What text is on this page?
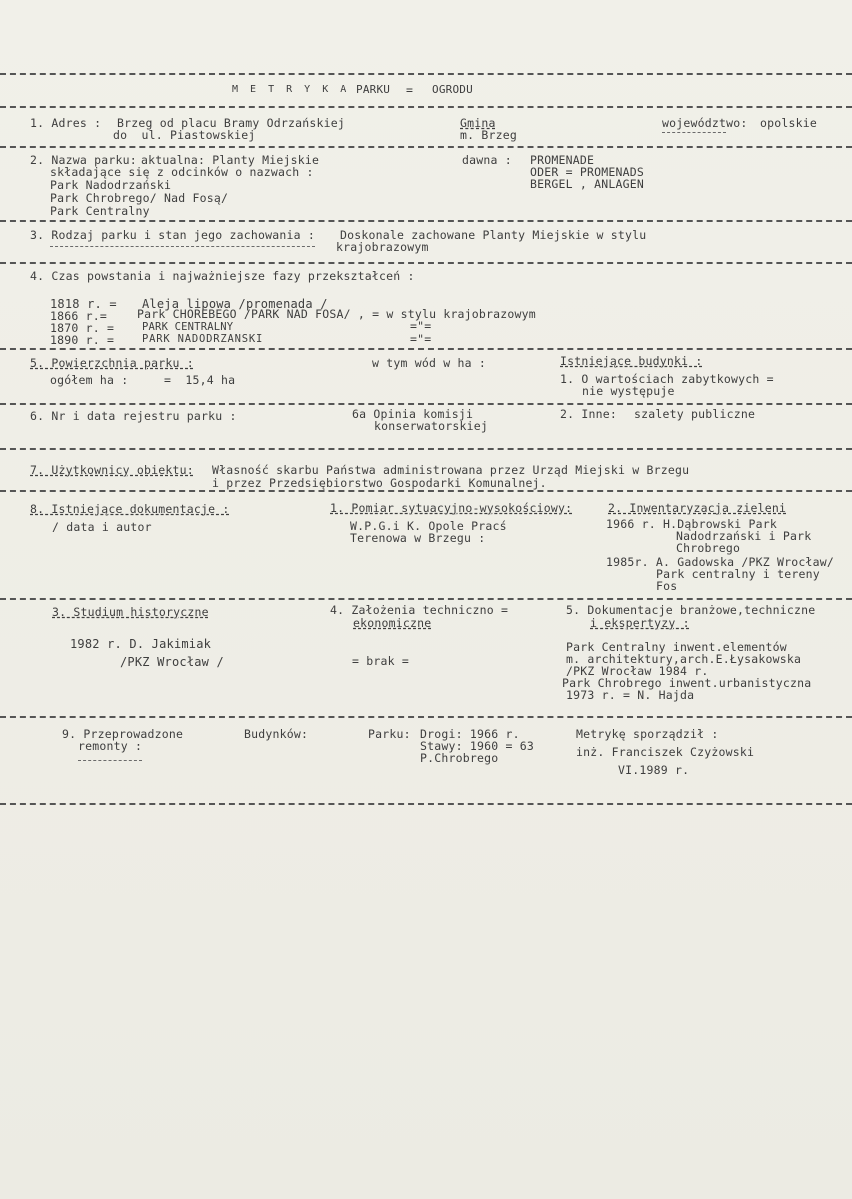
M E T R Y K A PARKU = OGRODU
1. Adres : Brzeg od placu Bramy Odrzańskiej
do  ul. Piastowskiej
Gmina
m. Brzeg
województwo: opolskie
2. Nazwa parku: aktualna: Planty Miejskie
składające się z odcinków o nazwach :
Park Nadodrzański
Park Chrobrego/ Nad Fosą/
Park Centralny
dawna : PROMENADE
ODER = PROMENADS
BERGEL , ANLAGEN
3. Rodzaj parku i stan jego zachowania : Doskonale zachowane Planty Miejskie w stylu
krajobrazowym
4. Czas powstania i najważniejsze fazy przekształceń :
1818 r. = Aleja lipowa /promenada /
1866 r.=	Park CHOREBEGO /PARK NAD FOSA/ , = w stylu krajobrazowym
1870 r. =	PARK CENTRALNY	="=
1890 r. =	PARK NADODRZANSKI	="=
5. Powierzchnia parku :
ogółem ha :	=  15,4 ha
w tym wód w ha :	Istniejące budynki :
1. O wartościach zabytkowych =
nie występuje
6. Nr i data rejestru parku :	6a Opinia komisji
konserwatorskiej
2. Inne: szalety publiczne
7. Użytkownicy obiektu: Własność skarbu Państwa administrowana przez Urząd Miejski w Brzegu
i przez Przedsiębiorstwo Gospodarki Komunalnej.
8. Istniejące dokumentacje :
/ data i autor
1. Pomiar sytuacyjno-wysokościowy:
W.P.G.i K. Opole Pracś
Terenowa w Brzegu :
2. Inwentaryzacja zieleni
1966 r. H.Dąbrowski Park
Nadodrzański i Park
Chrobrego
1985r. A. Gadowska /PKZ Wrocław/
Park centralny i tereny
Fos
3. Studium historyczne
1982 r. D. Jakimiak
/PKZ Wrocław /
4. Założenia techniczno =
ekonomiczne
= brak =
5. Dokumentacje branżowe,techniczne
i ekspertyzy :
Park Centralny inwent.elementów
m. architektury,arch.E.Łysakowska
/PKZ Wrocław 1984 r.
Park Chrobrego inwent.urbanistyczna
1973 r. = N. Hajda
9. Przeprowadzone
remonty :
Budynków:	Parku: Drogi: 1966 r.
Stawy: 1960 = 63
P.Chrobrego
Metrykę sporządził :
inż. Franciszek Czyżowski
VI.1989 r.
